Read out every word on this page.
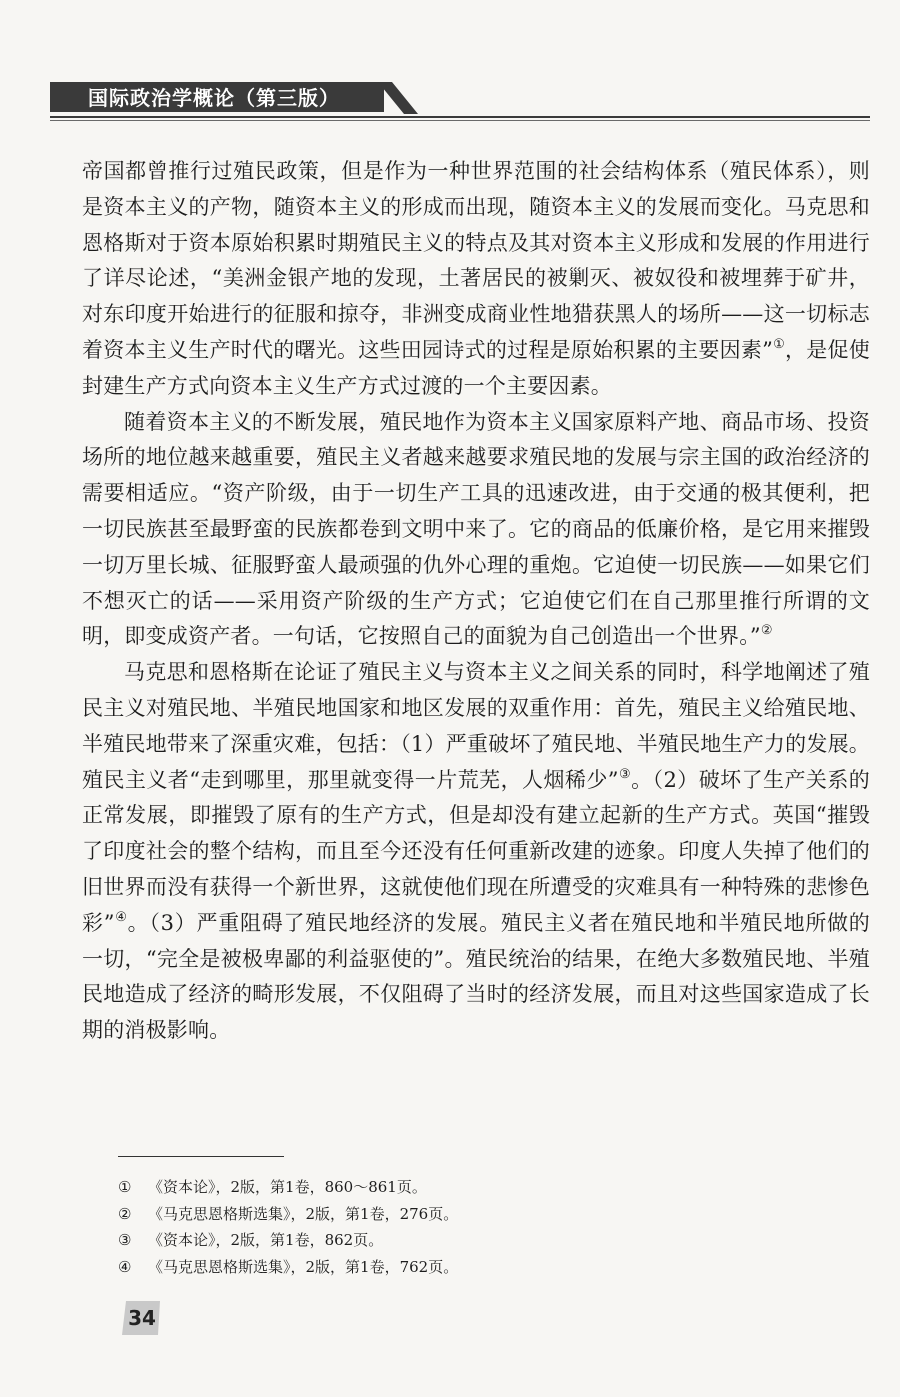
国际政治学概论（第三版）

帝国都曾推行过殖民政策，但是作为一种世界范围的社会结构体系（殖民体系），则是资本主义的产物，随资本主义的形成而出现，随资本主义的发展而变化。马克思和恩格斯对于资本原始积累时期殖民主义的特点及其对资本主义形成和发展的作用进行了详尽论述，“美洲金银产地的发现，土著居民的被剿灭、被奴役和被埋葬于矿井，对东印度开始进行的征服和掠夺，非洲变成商业性地猎获黑人的场所——这一切标志着资本主义生产时代的曙光。这些田园诗式的过程是原始积累的主要因素”①，是促使封建生产方式向资本主义生产方式过渡的一个主要因素。

随着资本主义的不断发展，殖民地作为资本主义国家原料产地、商品市场、投资场所的地位越来越重要，殖民主义者越来越要求殖民地的发展与宗主国的政治经济的需要相适应。“资产阶级，由于一切生产工具的迅速改进，由于交通的极其便利，把一切民族甚至最野蛮的民族都卷到文明中来了。它的商品的低廉价格，是它用来摧毁一切万里长城、征服野蛮人最顽强的仇外心理的重炮。它迫使一切民族——如果它们不想灭亡的话——采用资产阶级的生产方式；它迫使它们在自己那里推行所谓的文明，即变成资产者。一句话，它按照自己的面貌为自己创造出一个世界。”②

马克思和恩格斯在论证了殖民主义与资本主义之间关系的同时，科学地阐述了殖民主义对殖民地、半殖民地国家和地区发展的双重作用：首先，殖民主义给殖民地、半殖民地带来了深重灾难，包括：（1）严重破坏了殖民地、半殖民地生产力的发展。殖民主义者“走到哪里，那里就变得一片荒芜，人烟稀少”③。（2）破坏了生产关系的正常发展，即摧毁了原有的生产方式，但是却没有建立起新的生产方式。英国“摧毁了印度社会的整个结构，而且至今还没有任何重新改建的迹象。印度人失掉了他们的旧世界而没有获得一个新世界，这就使他们现在所遭受的灾难具有一种特殊的悲惨色彩”④。（3）严重阻碍了殖民地经济的发展。殖民主义者在殖民地和半殖民地所做的一切，“完全是被极卑鄙的利益驱使的”。殖民统治的结果，在绝大多数殖民地、半殖民地造成了经济的畸形发展，不仅阻碍了当时的经济发展，而且对这些国家造成了长期的消极影响。

① 《资本论》，2版，第1卷，860～861页。

② 《马克思恩格斯选集》，2版，第1卷，276页。

③ 《资本论》，2版，第1卷，862页。

④ 《马克思恩格斯选集》，2版，第1卷，762页。

34
